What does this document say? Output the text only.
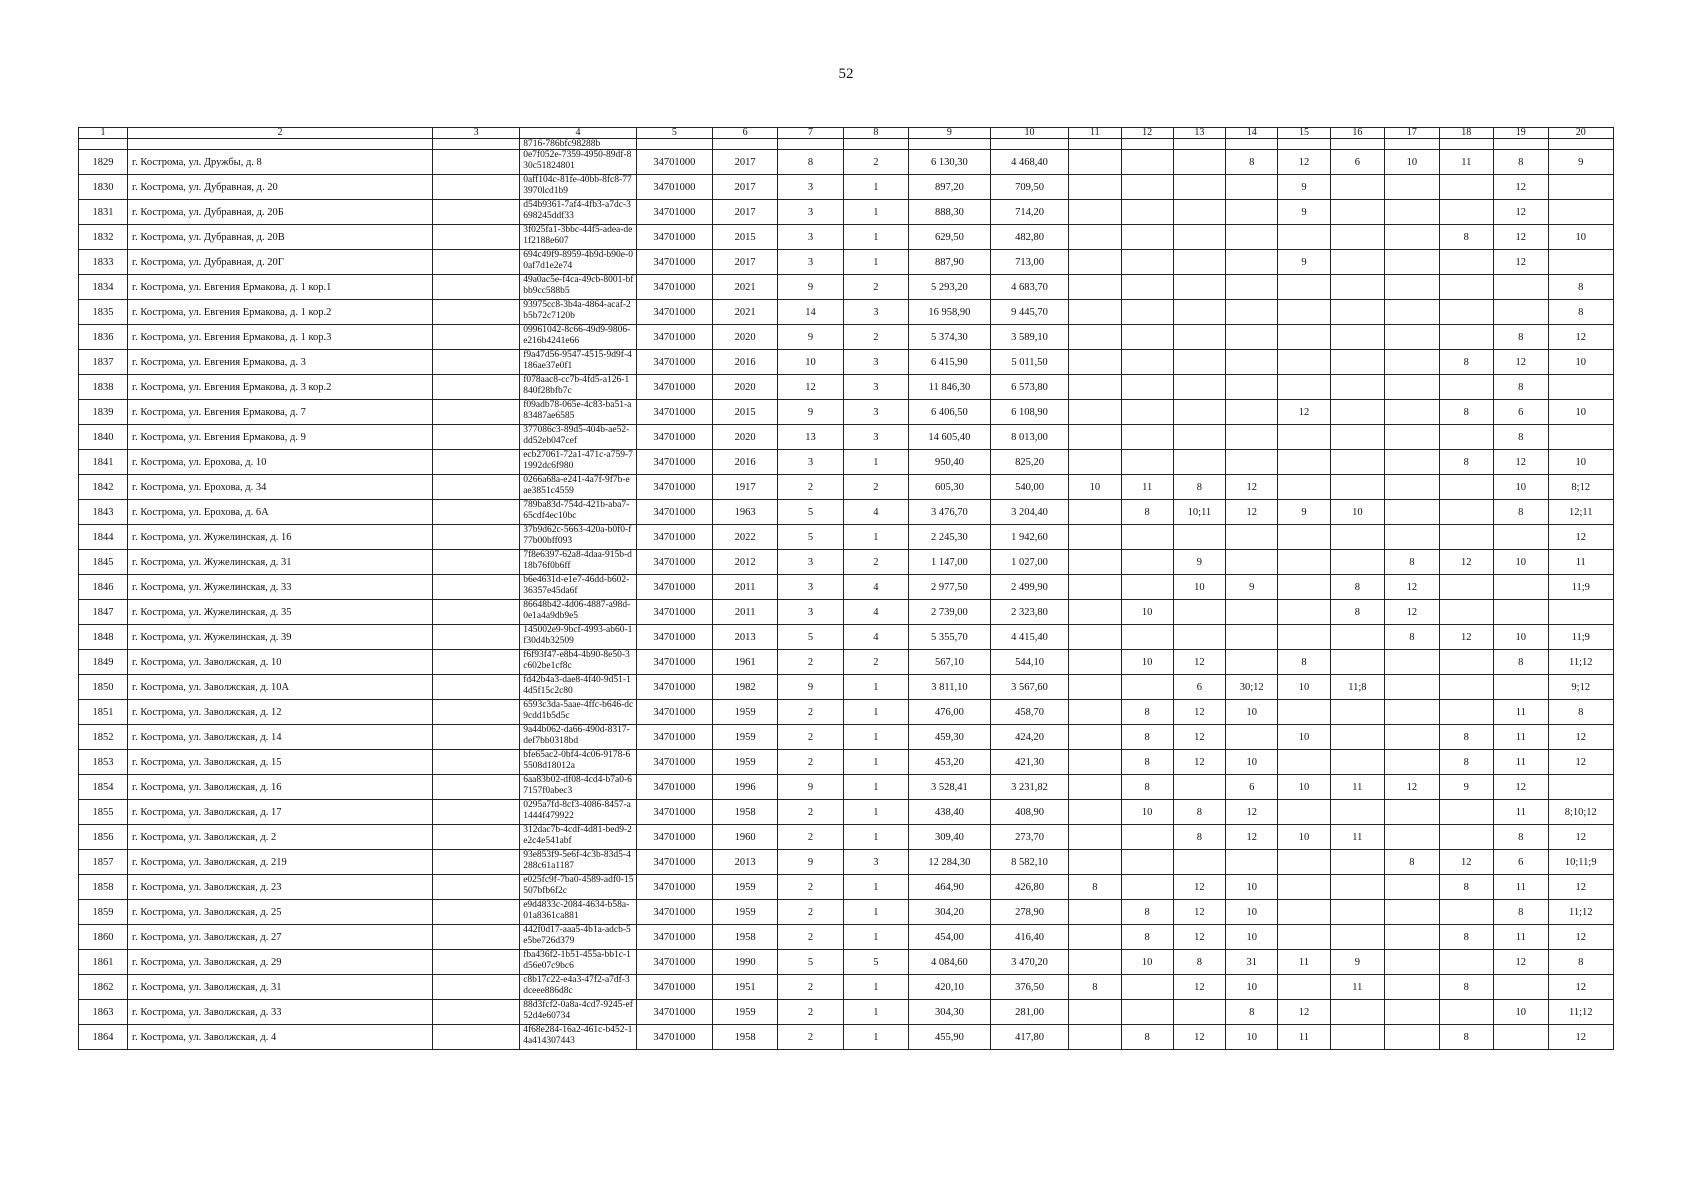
52
1	2	3	4	5	6	7	8	9	10	11	12	13	14	15	16	17	18	19	20
			8716-786bfc98288b																
1829	г. Кострома, ул. Дружбы, д. 8		0e7f052e-7359-4950-89df-830c51824801	34701000	2017	8	2	6 130,30	4 468,40				8	12	6	10	11	8	9
1830	г. Кострома, ул. Дубравная, д. 20		0aff104c-81fe-40bb-8fc8-773970lcd1b9	34701000	2017	3	1	897,20	709,50					9				12	
1831	г. Кострома, ул. Дубравная, д. 20Б		d54b9361-7af4-4fb3-a7dc-3698245ddf33	34701000	2017	3	1	888,30	714,20					9				12	
1832	г. Кострома, ул. Дубравная, д. 20В		3f025fa1-3bbc-44f5-adea-de1f2188e607	34701000	2015	3	1	629,50	482,80								8	12	10
1833	г. Кострома, ул. Дубравная, д. 20Г		694c49f9-8959-4b9d-b90e-00af7d1e2e74	34701000	2017	3	1	887,90	713,00					9				12	
1834	г. Кострома, ул. Евгения Ермакова, д. 1 кор.1		49a0ac5e-f4ca-49cb-8001-bfbb9cc588b5	34701000	2021	9	2	5 293,20	4 683,70										8
1835	г. Кострома, ул. Евгения Ермакова, д. 1 кор.2		93975cc8-3b4a-4864-acaf-2b5b72c7120b	34701000	2021	14	3	16 958,90	9 445,70										8
1836	г. Кострома, ул. Евгения Ермакова, д. 1 кор.3		09961042-8c66-49d9-9806-e216b4241e66	34701000	2020	9	2	5 374,30	3 589,10									8	12
1837	г. Кострома, ул. Евгения Ермакова, д. 3		f9a47d56-9547-4515-9d9f-4186ae37e0f1	34701000	2016	10	3	6 415,90	5 011,50								8	12	10
1838	г. Кострома, ул. Евгения Ермакова, д. 3 кор.2		f078aac8-cc7b-4fd5-a126-1840f28bfb7c	34701000	2020	12	3	11 846,30	6 573,80									8	
1839	г. Кострома, ул. Евгения Ермакова, д. 7		f09adb78-065e-4c83-ba51-a83487ae6585	34701000	2015	9	3	6 406,50	6 108,90					12			8	6	10
1840	г. Кострома, ул. Евгения Ермакова, д. 9		377086c3-89d5-404b-ae52-dd52eb047cef	34701000	2020	13	3	14 605,40	8 013,00									8	
1841	г. Кострома, ул. Ерохова, д. 10		ecb27061-72a1-471c-a759-71992dc6f980	34701000	2016	3	1	950,40	825,20								8	12	10
1842	г. Кострома, ул. Ерохова, д. 34		0266a68a-e241-4a7f-9f7b-eae3851c4559	34701000	1917	2	2	605,30	540,00	10	11	8	12					10	8;12
1843	г. Кострома, ул. Ерохова, д. 6А		789ba83d-754d-421b-aba7-65cdf4ec10bc	34701000	1963	5	4	3 476,70	3 204,40		8	10;11	12	9	10			8	12;11
1844	г. Кострома, ул. Жужелинская, д. 16		37b9d62c-5663-420a-b0f0-f77b00bff093	34701000	2022	5	1	2 245,30	1 942,60										12
1845	г. Кострома, ул. Жужелинская, д. 31		7f8e6397-62a8-4daa-915b-d18b76f0b6ff	34701000	2012	3	2	1 147,00	1 027,00			9				8	12	10	11
1846	г. Кострома, ул. Жужелинская, д. 33		b6e4631d-e1e7-46dd-b602-36357e45da6f	34701000	2011	3	4	2 977,50	2 499,90			10	9		8	12			11;9
1847	г. Кострома, ул. Жужелинская, д. 35		86648b42-4d06-4887-a98d-0e1a4a9db9e5	34701000	2011	3	4	2 739,00	2 323,80		10				8	12			
1848	г. Кострома, ул. Жужелинская, д. 39		145002e9-9bcf-4993-ab60-1f30d4b32509	34701000	2013	5	4	5 355,70	4 415,40							8	12	10	11;9
1849	г. Кострома, ул. Заволжская, д. 10		f6f93f47-e8b4-4b90-8e50-3c602be1cf8c	34701000	1961	2	2	567,10	544,10		10	12		8				8	11;12
1850	г. Кострома, ул. Заволжская, д. 10А		fd42b4a3-dae8-4f40-9d51-14d5f15c2c80	34701000	1982	9	1	3 811,10	3 567,60			6	30;12	10	11;8				9;12
1851	г. Кострома, ул. Заволжская, д. 12		6593c3da-5aae-4ffc-b646-dc9cdd1b5d5c	34701000	1959	2	1	476,00	458,70		8	12	10					11	8
1852	г. Кострома, ул. Заволжская, д. 14		9a44b062-da66-490d-8317-def7bb0318bd	34701000	1959	2	1	459,30	424,20		8	12		10			8	11	12
1853	г. Кострома, ул. Заволжская, д. 15		bfe65ac2-0bf4-4c06-9178-65508d18012a	34701000	1959	2	1	453,20	421,30		8	12	10				8	11	12
1854	г. Кострома, ул. Заволжская, д. 16		6aa83b02-df08-4cd4-b7a0-67157f0abec3	34701000	1996	9	1	3 528,41	3 231,82		8		6	10	11	12	9	12	
1855	г. Кострома, ул. Заволжская, д. 17		0295a7fd-8cf3-4086-8457-a1444f479922	34701000	1958	2	1	438,40	408,90		10	8	12					11	8;10;12
1856	г. Кострома, ул. Заволжская, д. 2		312dac7b-4cdf-4d81-bed9-2e2c4e541abf	34701000	1960	2	1	309,40	273,70			8	12	10	11			8	12
1857	г. Кострома, ул. Заволжская, д. 219		93e853f9-5e6f-4c3b-83d5-4288c61a1187	34701000	2013	9	3	12 284,30	8 582,10							8	12	6	10;11;9
1858	г. Кострома, ул. Заволжская, д. 23		e025fc9f-7ba0-4589-adf0-15507bfb6f2c	34701000	1959	2	1	464,90	426,80	8		12	10				8	11	12
1859	г. Кострома, ул. Заволжская, д. 25		e9d4833c-2084-4634-b58a-01a8361ca881	34701000	1959	2	1	304,20	278,90		8	12	10					8	11;12
1860	г. Кострома, ул. Заволжская, д. 27		442f0d17-aaa5-4b1a-adcb-5e5be726d379	34701000	1958	2	1	454,00	416,40		8	12	10				8	11	12
1861	г. Кострома, ул. Заволжская, д. 29		fba436f2-1b51-455a-bb1c-1d56e07c9bc6	34701000	1990	5	5	4 084,60	3 470,20		10	8	31	11	9			12	8
1862	г. Кострома, ул. Заволжская, д. 31		c8b17c22-e4a3-47f2-a7df-3dceee886d8c	34701000	1951	2	1	420,10	376,50	8		12	10		11		8		12
1863	г. Кострома, ул. Заволжская, д. 33		88d3fcf2-0a8a-4cd7-9245-ef52d4e60734	34701000	1959	2	1	304,30	281,00				8	12				10	11;12
1864	г. Кострома, ул. Заволжская, д. 4		4f68e284-16a2-461c-b452-14a414307443	34701000	1958	2	1	455,90	417,80		8	12	10	11			8		12
